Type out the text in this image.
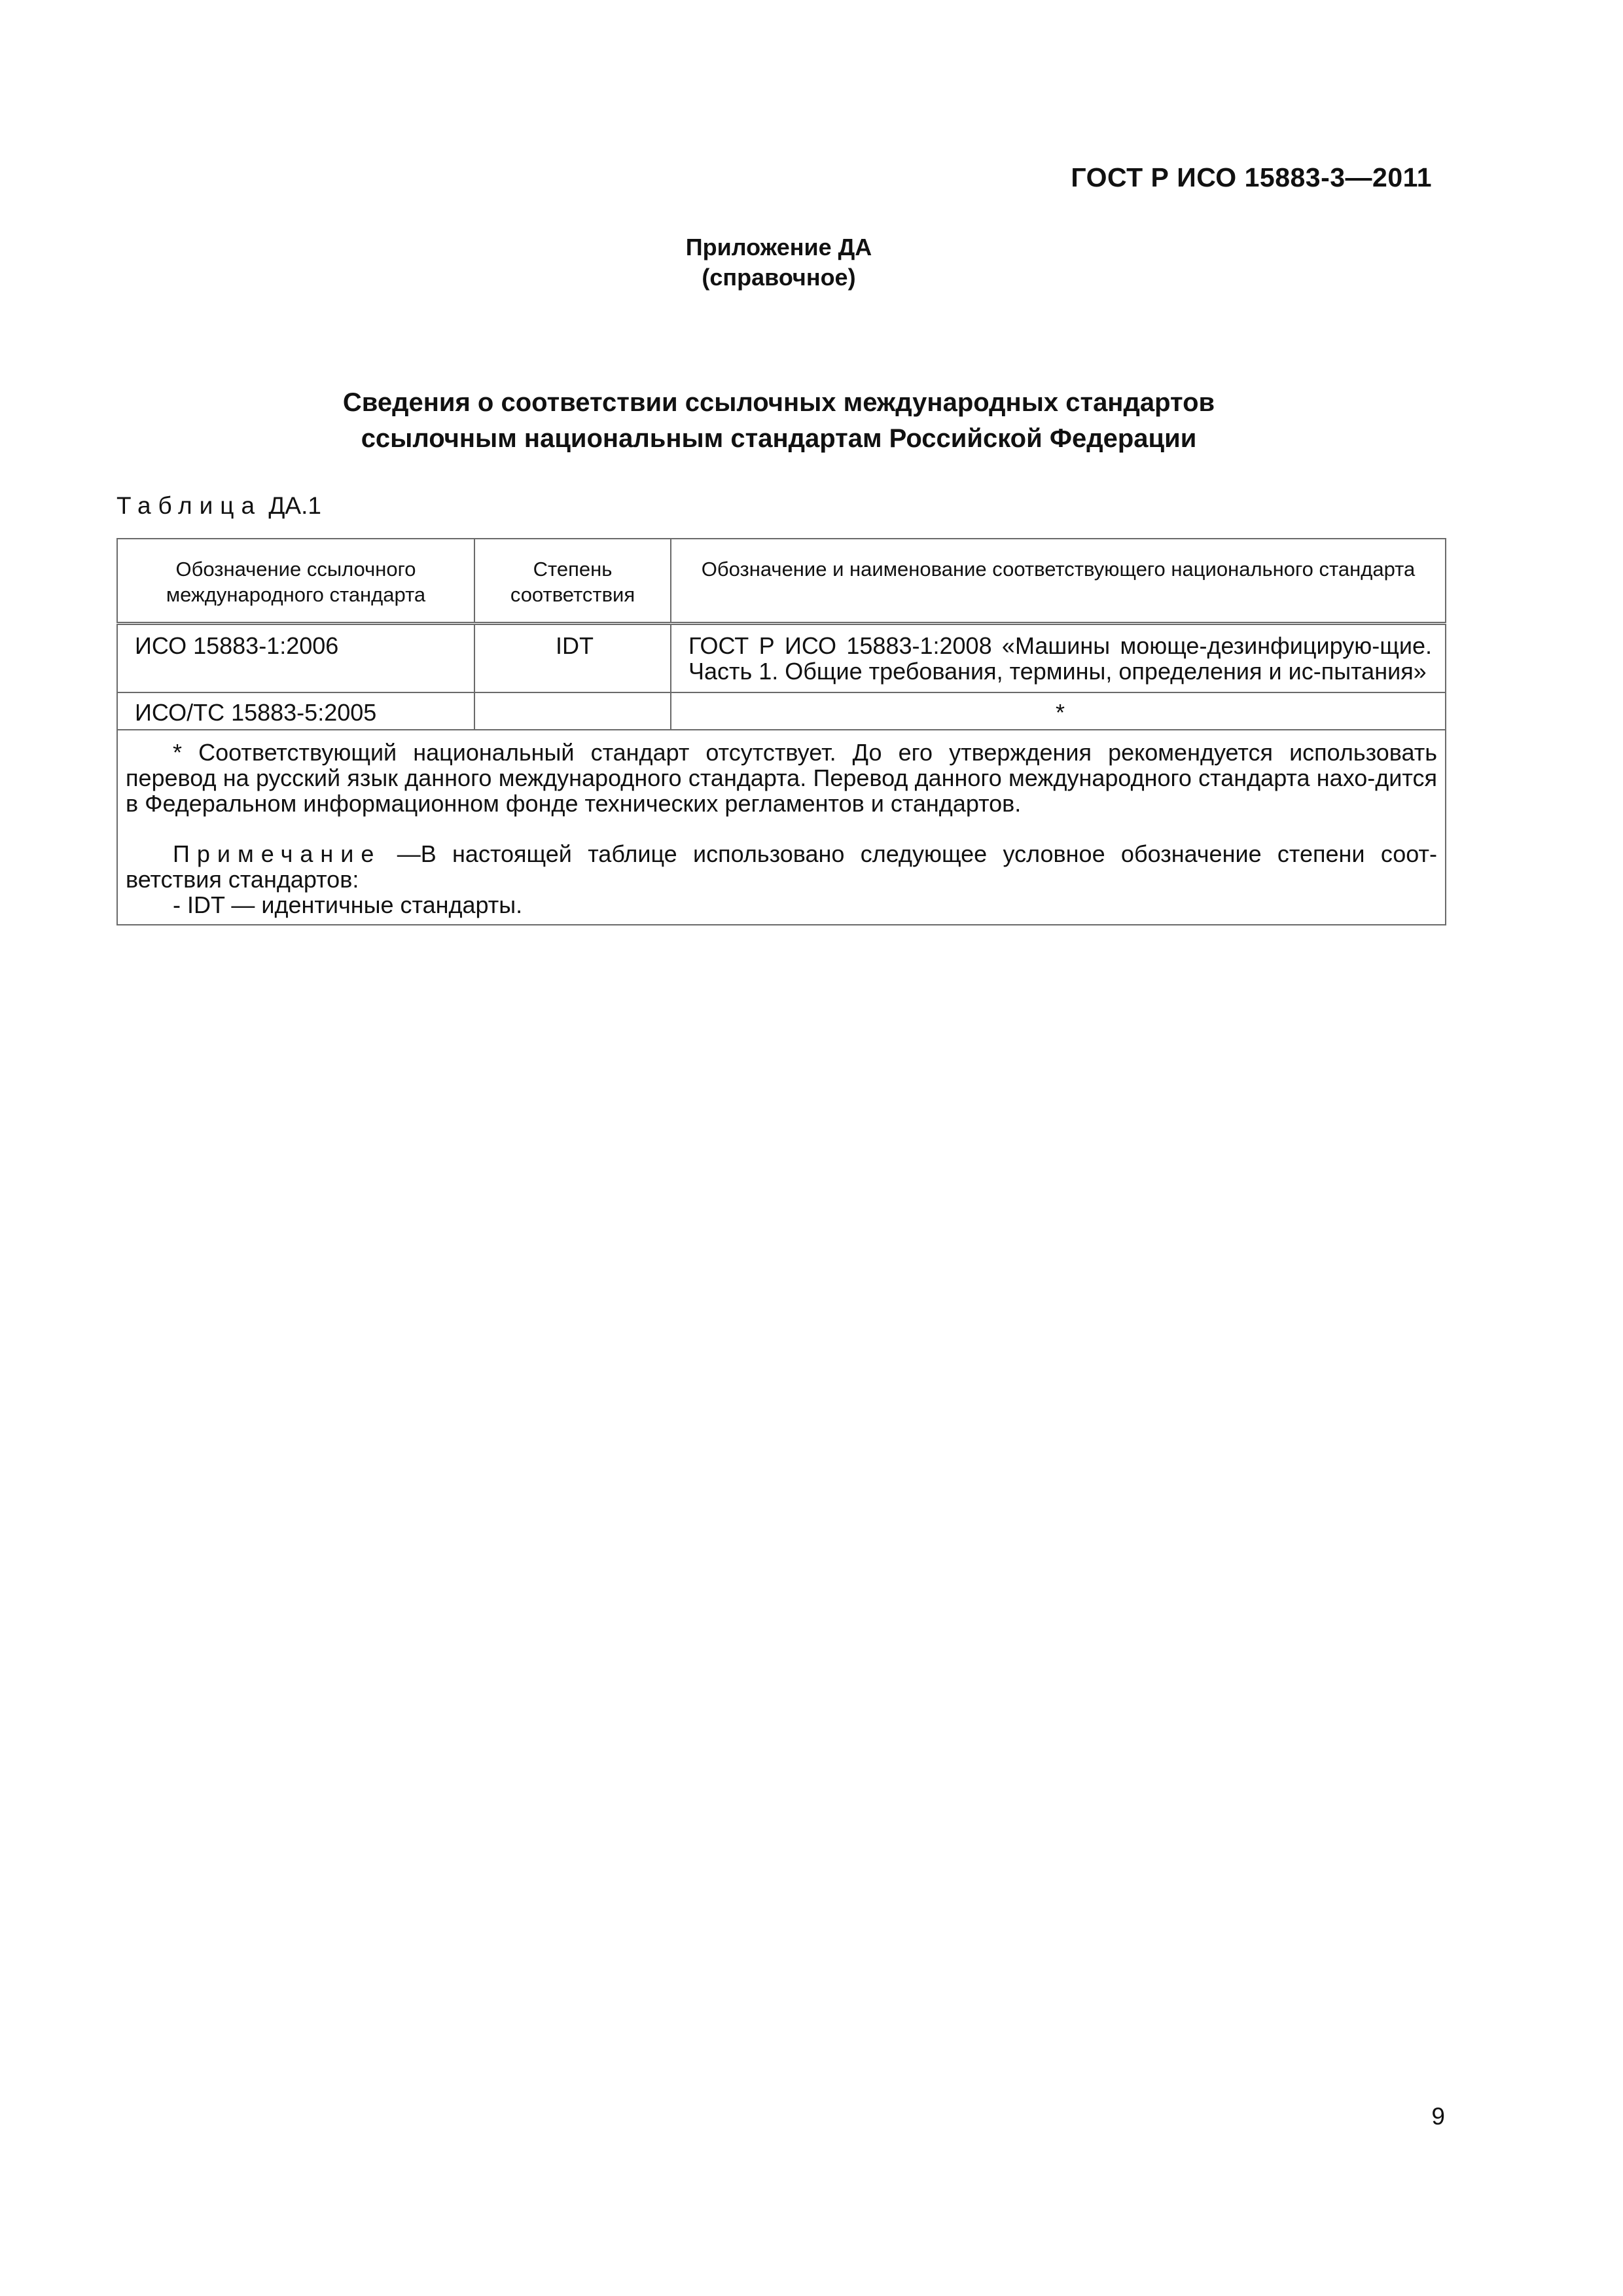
ГОСТ Р ИСО 15883-3—2011
Приложение ДА
(справочное)
Сведения о соответствии ссылочных международных стандартов
ссылочным национальным стандартам Российской Федерации
Таблица ДА.1
Обозначение ссылочного международного стандарта	Степень соответствия	Обозначение и наименование соответствующего национального стандарта
ИСО 15883-1:2006	IDT	ГОСТ Р ИСО 15883-1:2008 «Машины моюще-дезинфицирую-щие. Часть 1. Общие требования, термины, определения и ис-пытания»
ИСО/ТС 15883-5:2005		*

* Соответствующий национальный стандарт отсутствует. До его утверждения рекомендуется использовать перевод на русский язык данного международного стандарта. Перевод данного международного стандарта нахо-дится в Федеральном информационном фонде технических регламентов и стандартов.

Примечание —В настоящей таблице использовано следующее условное обозначение степени соот-ветствия стандартов:

- IDT — идентичные стандарты.		

9
